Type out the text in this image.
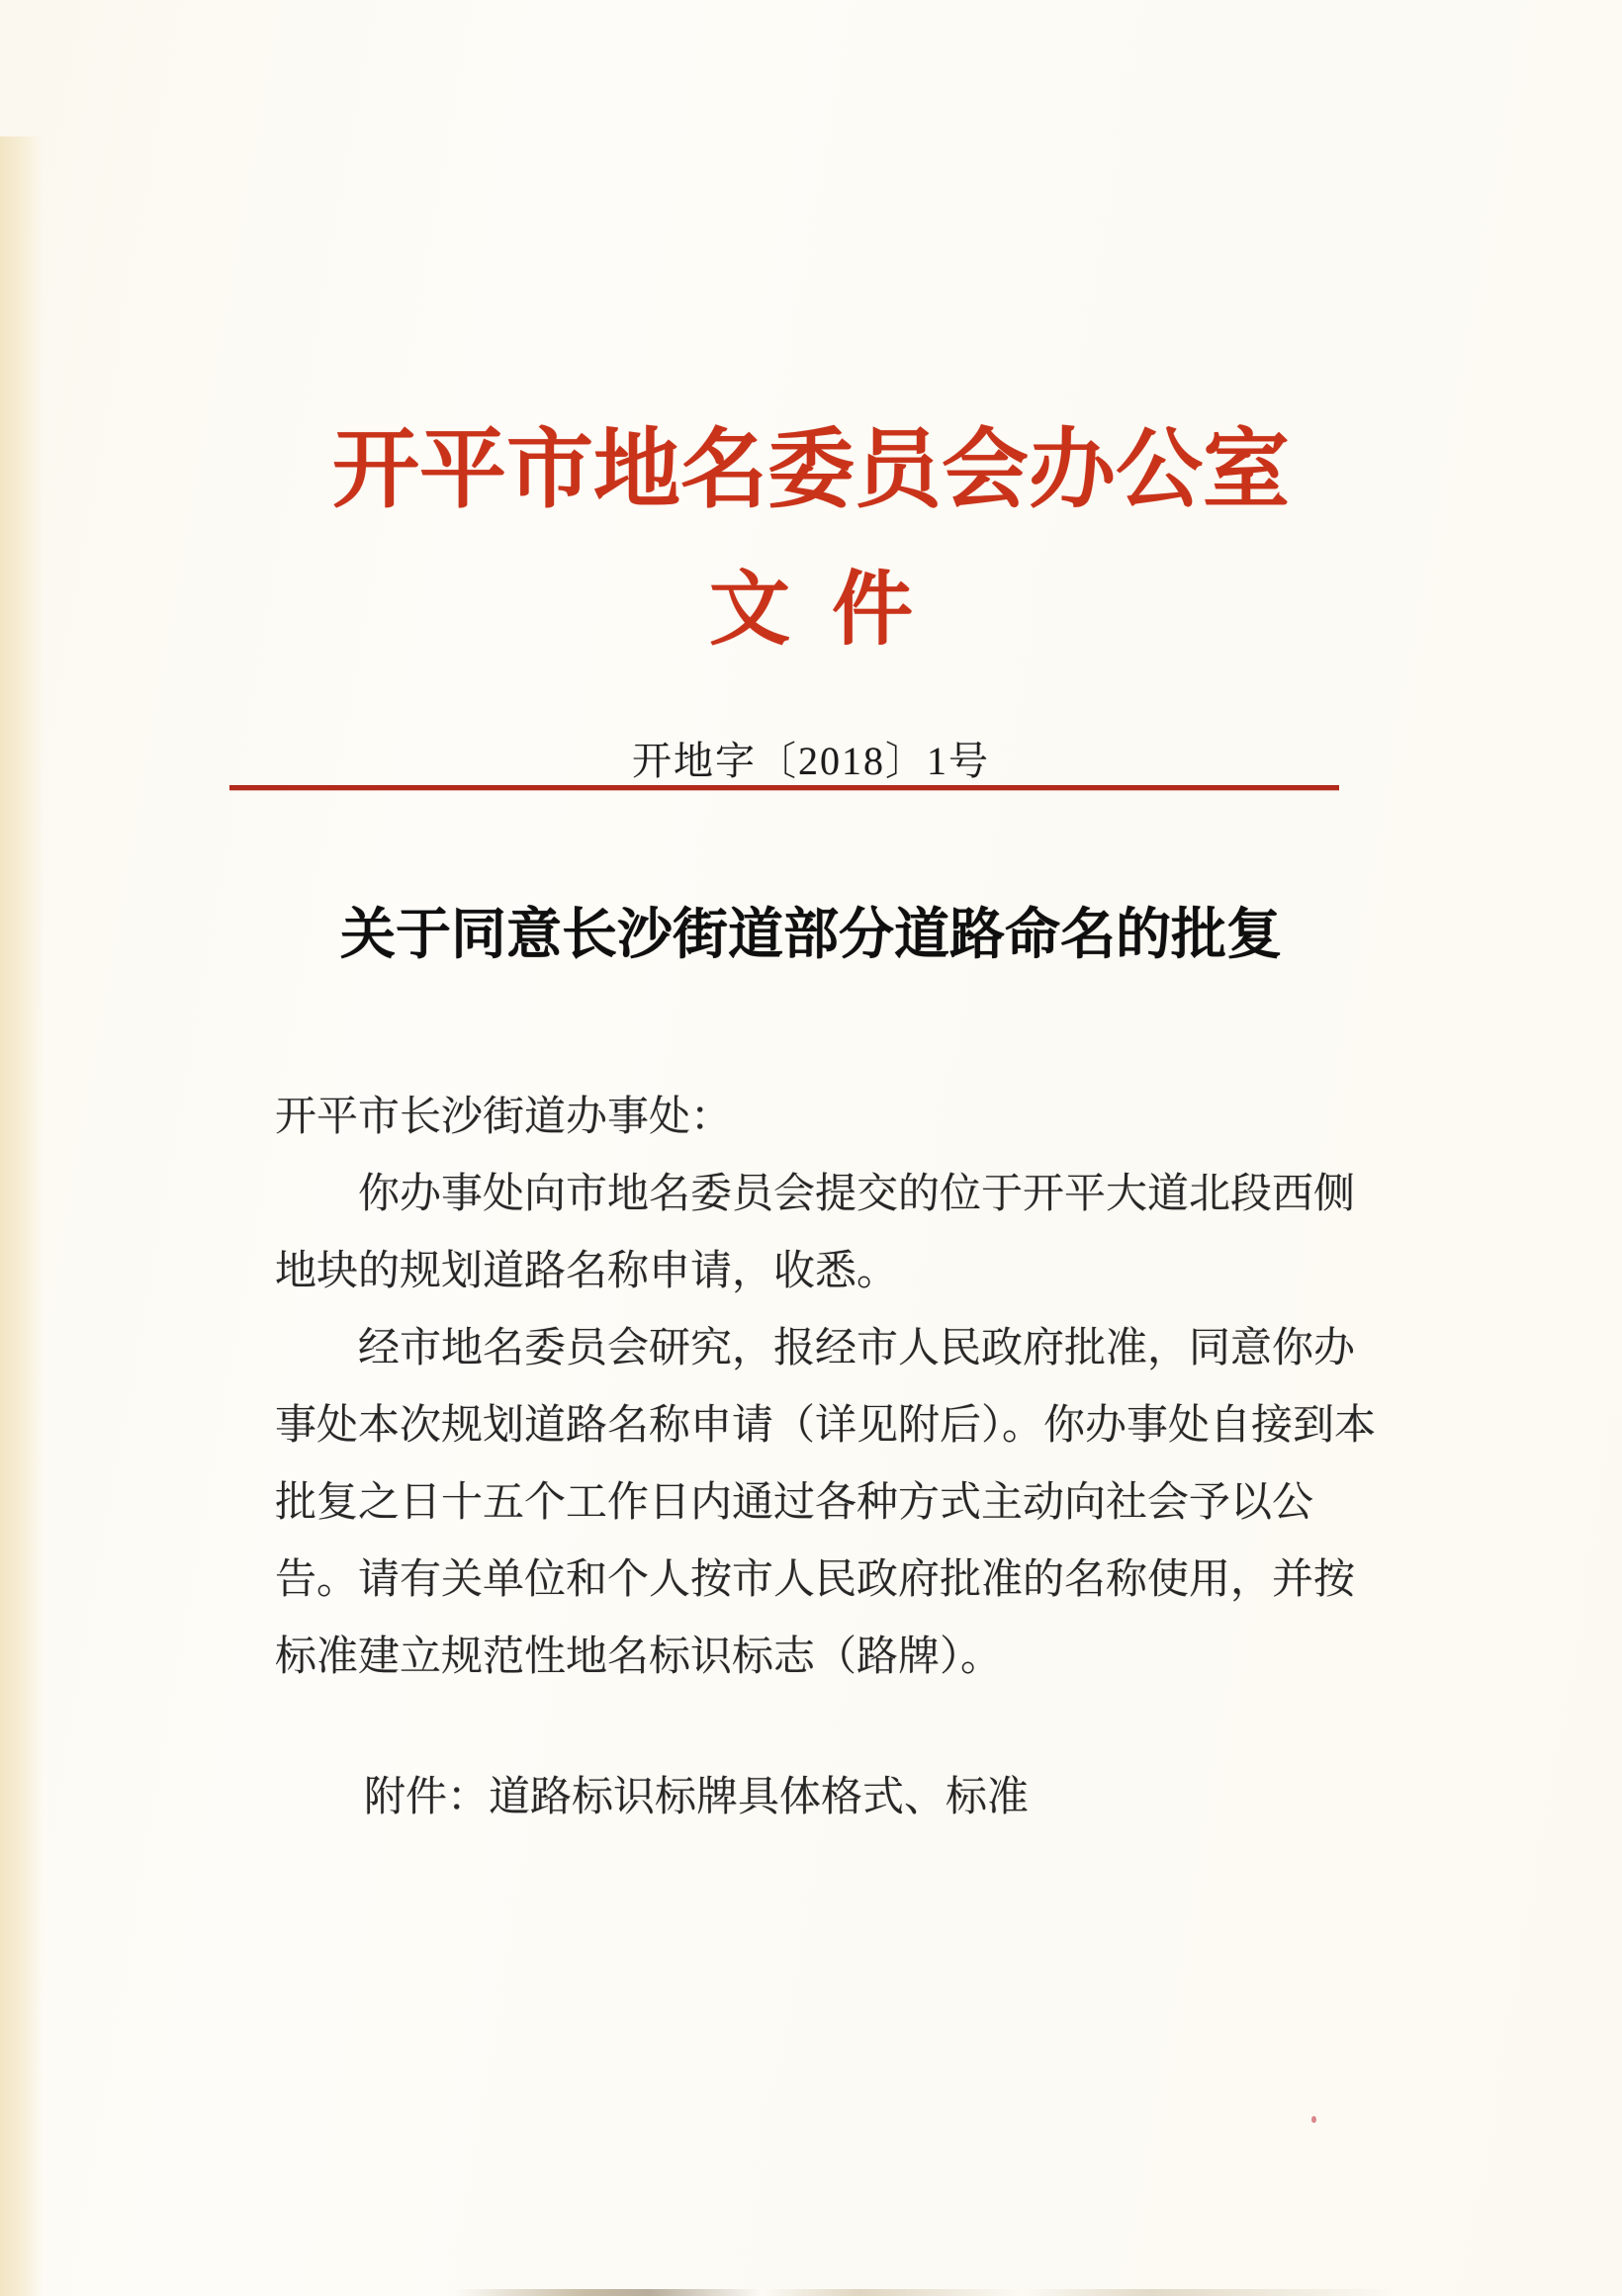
开平市地名委员会办公室
文件
开地字〔2018〕1号
关于同意长沙街道部分道路命名的批复
开平市长沙街道办事处：
你办事处向市地名委员会提交的位于开平大道北段西侧
地块的规划道路名称申请，收悉。
经市地名委员会研究，报经市人民政府批准，同意你办
事处本次规划道路名称申请（详见附后）。你办事处自接到本
批复之日十五个工作日内通过各种方式主动向社会予以公
告。请有关单位和个人按市人民政府批准的名称使用，并按
标准建立规范性地名标识标志（路牌）。
附件：道路标识标牌具体格式、标准
